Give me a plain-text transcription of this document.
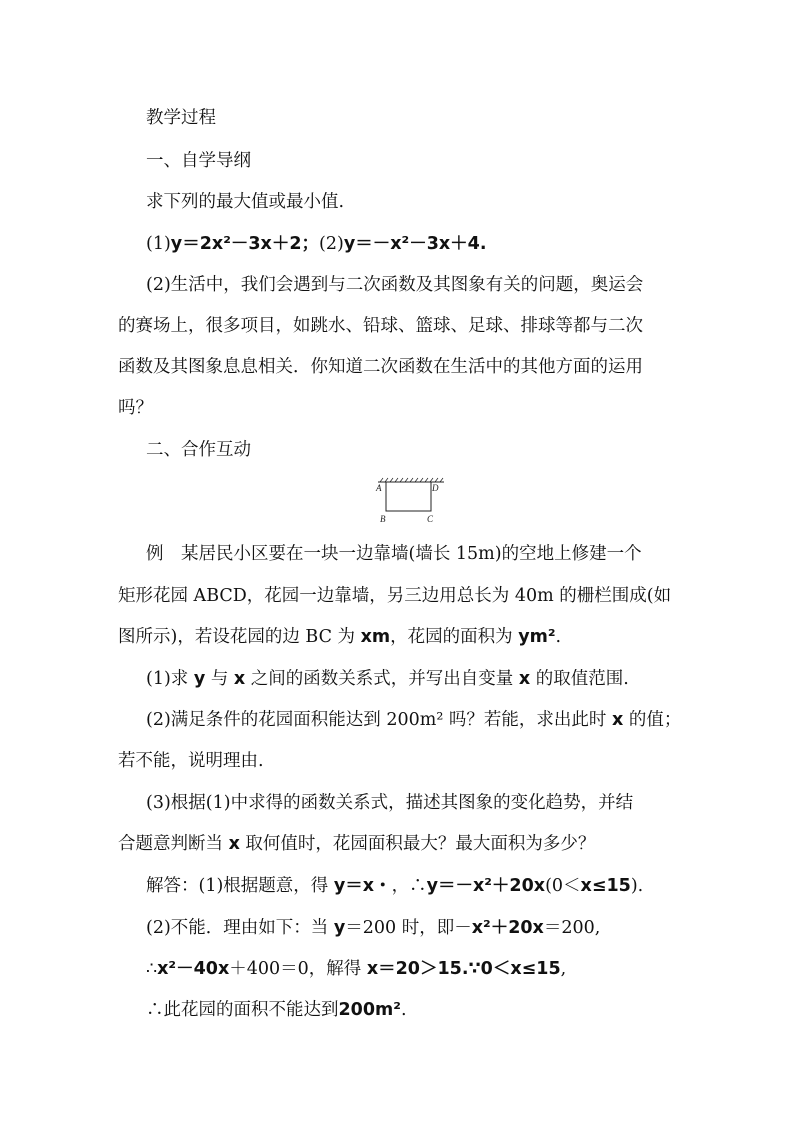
教学过程
一、自学导纲
求下列的最大值或最小值.
(1)y＝2x²－3x＋2；(2)y＝－x²－3x＋4.
(2)生活中，我们会遇到与二次函数及其图象有关的问题，奥运会
的赛场上，很多项目，如跳水、铅球、篮球、足球、排球等都与二次
函数及其图象息息相关．你知道二次函数在生活中的其他方面的运用
吗？
二、合作互动
A	D
B	C
例　某居民小区要在一块一边靠墙(墙长 15m)的空地上修建一个
矩形花园 ABCD，花园一边靠墙，另三边用总长为 40m 的栅栏围成(如
图所示)，若设花园的边 BC 为 xm，花园的面积为 ym².
(1)求 y 与 x 之间的函数关系式，并写出自变量 x 的取值范围.
(2)满足条件的花园面积能达到 200m² 吗？若能，求出此时 x 的值；
若不能，说明理由.
(3)根据(1)中求得的函数关系式，描述其图象的变化趋势，并结
合题意判断当 x 取何值时，花园面积最大？最大面积为多少？
解答：(1)根据题意，得 y＝x・，∴y＝－x²＋20x(0＜x≤15).
(2)不能．理由如下：当 y＝200 时，即－x²＋20x＝200,
∴x²－40x＋400＝0，解得 x＝20＞15.∵0＜x≤15,
∴此花园的面积不能达到200m².
